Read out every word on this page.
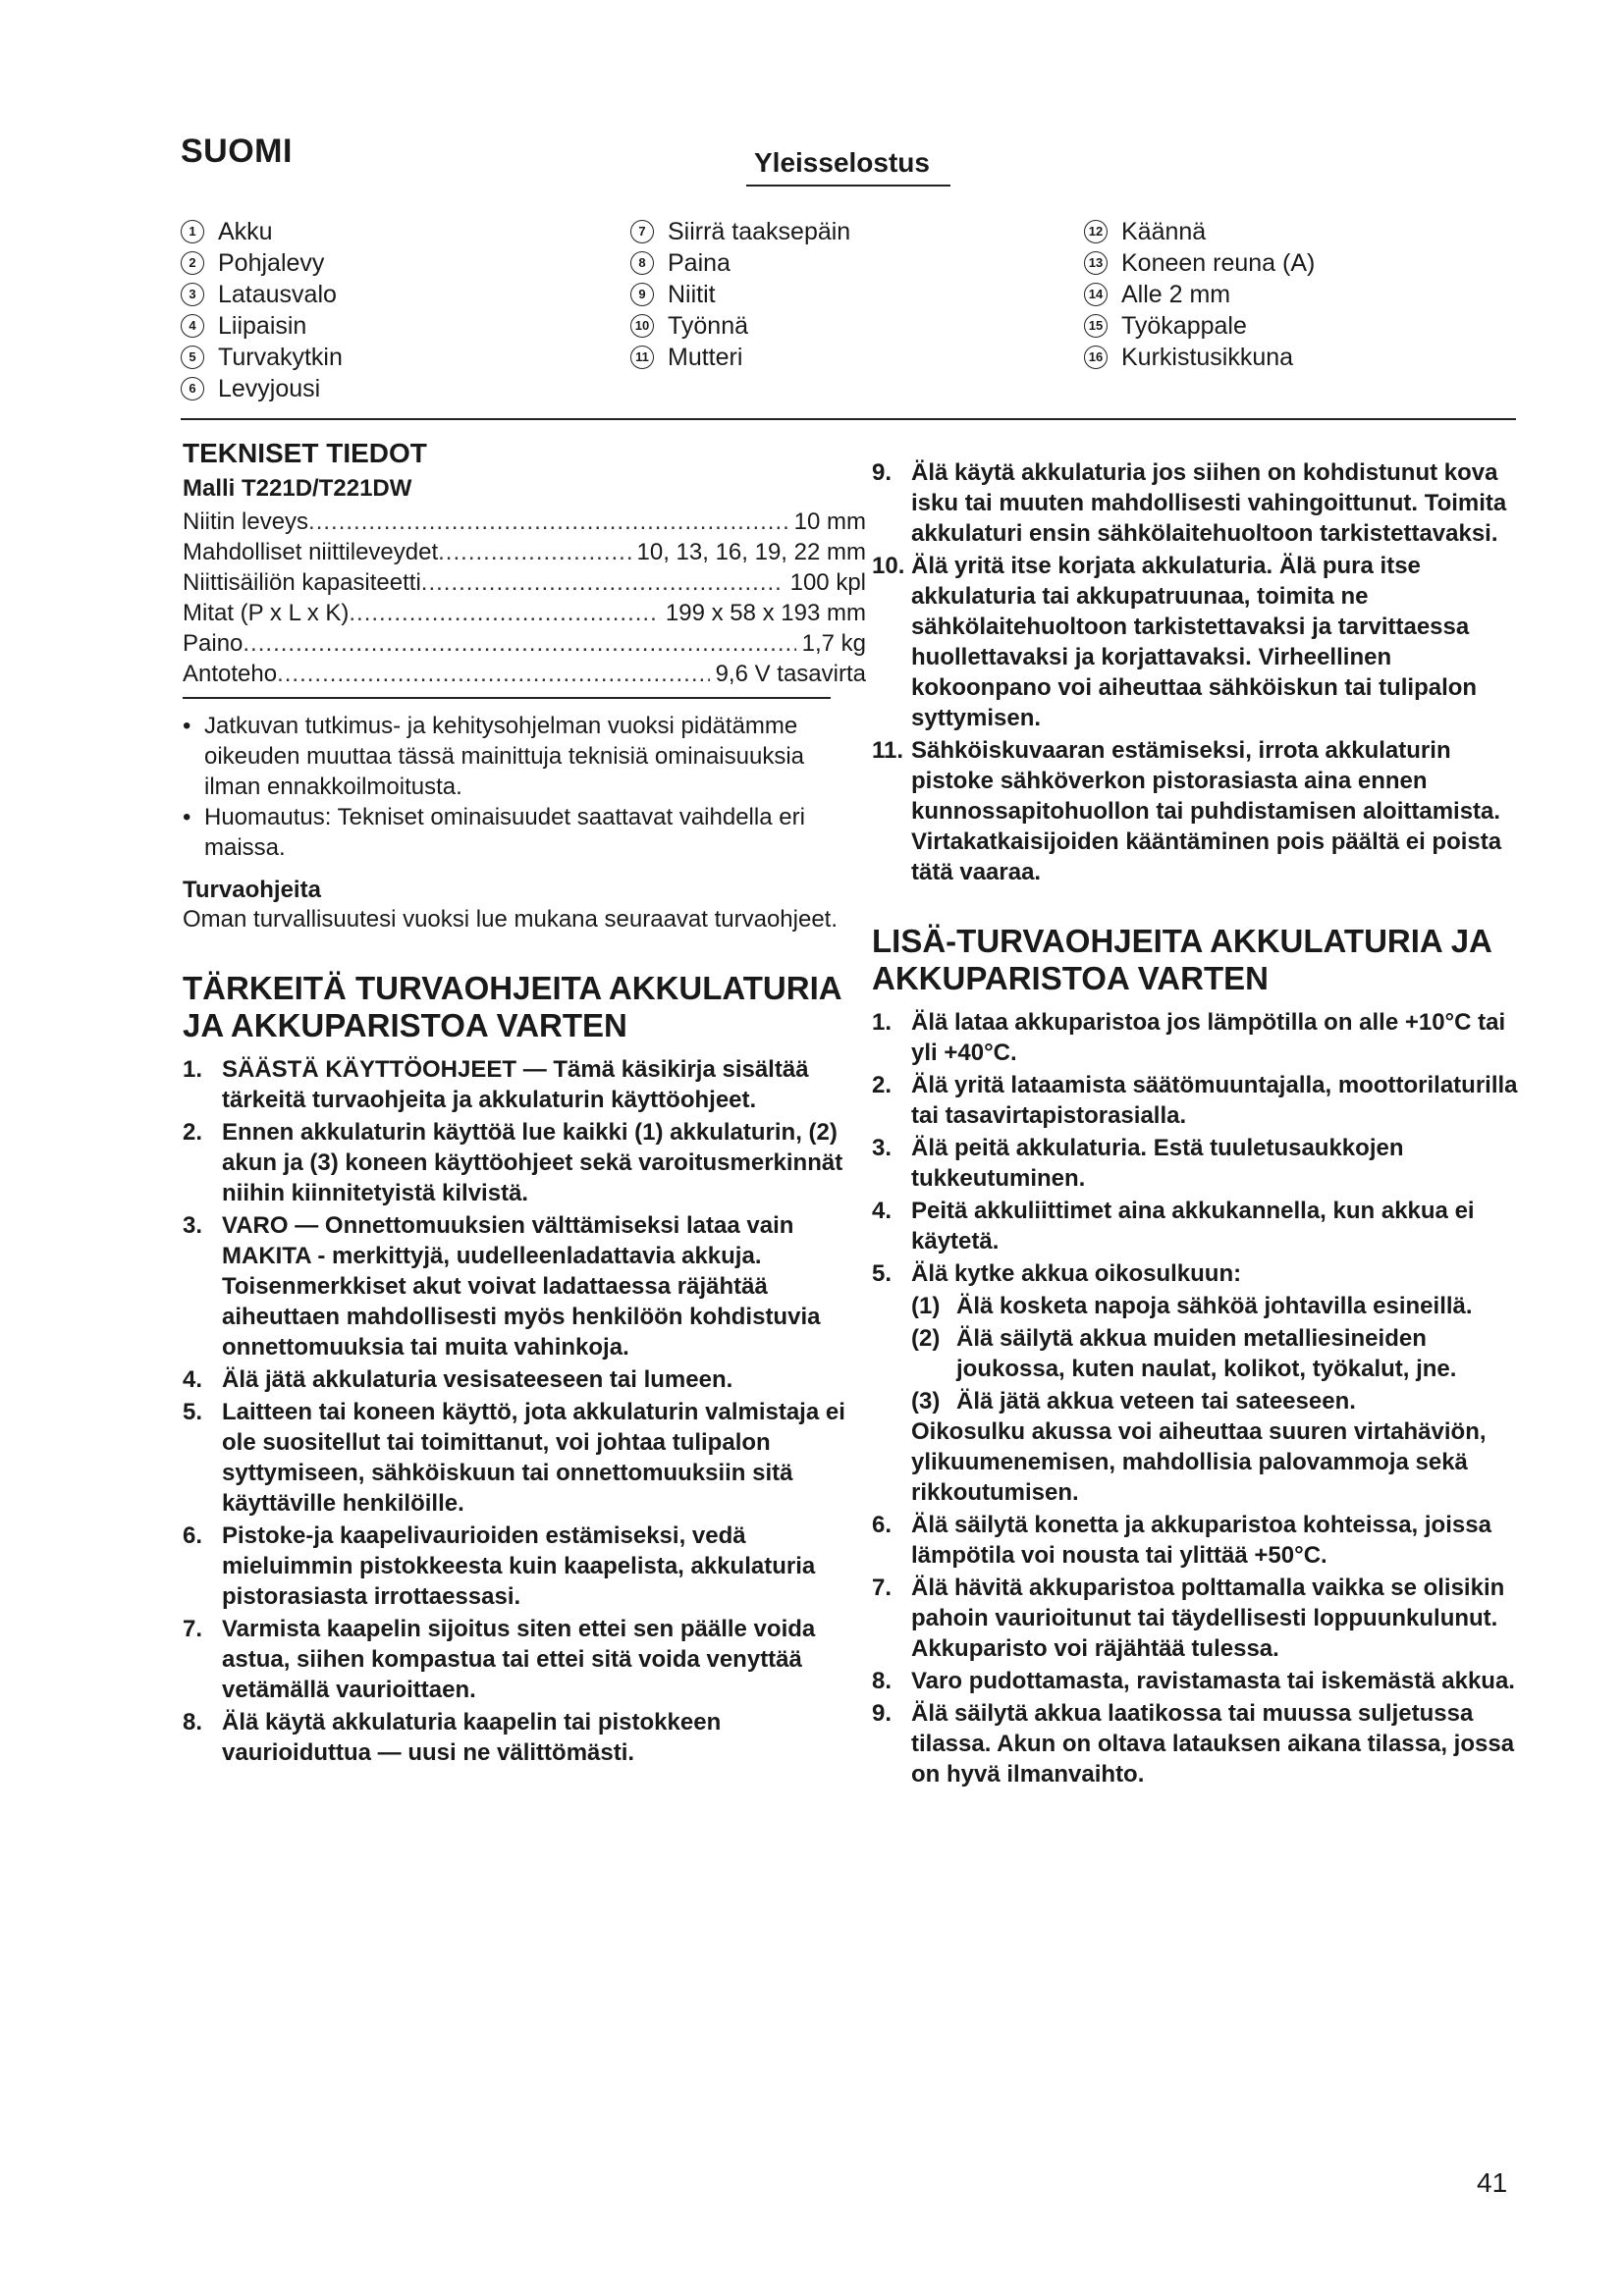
SUOMI	Yleisselostus
1 Akku
2 Pohjalevy
3 Latausvalo
4 Liipaisin
5 Turvakytkin
6 Levyjousi
7 Siirrä taaksepäin
8 Paina
9 Niitit
10 Työnnä
11 Mutteri
12 Käännä
13 Koneen reuna (A)
14 Alle 2 mm
15 Työkappale
16 Kurkistusikkuna
TEKNISET TIEDOT
Malli T221D/T221DW
Niitin leveys .....	10 mm
Mahdolliset niittileveydet .....	10, 13, 16, 19, 22 mm
Niittisäiliön kapasiteetti .....	100 kpl
Mitat (P x L x K) .....	199 x 58 x 193 mm
Paino .....	1,7 kg
Antoteho .....	9,6 V tasavirta
• Jatkuvan tutkimus- ja kehitysohjelman vuoksi pidätämme oikeuden muuttaa tässä mainittuja teknisiä ominaisuuksia ilman ennakkoilmoitusta.
• Huomautus: Tekniset ominaisuudet saattavat vaihdella eri maissa.
Turvaohjeita
Oman turvallisuutesi vuoksi lue mukana seuraavat turvaohjeet.
TÄRKEITÄ TURVAOHJEITA AKKULATURIA JA AKKUPARISTOA VARTEN
1. SÄÄSTÄ KÄYTTÖOHJEET — Tämä käsikirja sisältää tärkeitä turvaohjeita ja akkulaturin käyttöohjeet.
2. Ennen akkulaturin käyttöä lue kaikki (1) akkulaturin, (2) akun ja (3) koneen käyttöohjeet sekä varoitusmerkinnät niihin kiinnitetyistä kilvistä.
3. VARO — Onnettomuuksien välttämiseksi lataa vain MAKITA - merkittyjä, uudelleenladattavia akkuja. Toisenmerkkiset akut voivat ladattaessa räjähtää aiheuttaen mahdollisesti myös henkilöön kohdistuvia onnettomuuksia tai muita vahinkoja.
4. Älä jätä akkulaturia vesisateeseen tai lumeen.
5. Laitteen tai koneen käyttö, jota akkulaturin valmistaja ei ole suositellut tai toimittanut, voi johtaa tulipalon syttymiseen, sähköiskuun tai onnettomuuksiin sitä käyttäville henkilöille.
6. Pistoke-ja kaapelivaurioiden estämiseksi, vedä mieluimmin pistokkeesta kuin kaapelista, akkulaturia pistorasiasta irrottaessasi.
7. Varmista kaapelin sijoitus siten ettei sen päälle voida astua, siihen kompastua tai ettei sitä voida venyttää vetämällä vaurioittaen.
8. Älä käytä akkulaturia kaapelin tai pistokkeen vaurioiduttua — uusi ne välittömästi.
9. Älä käytä akkulaturia jos siihen on kohdistunut kova isku tai muuten mahdollisesti vahingoittunut. Toimita akkulaturi ensin sähkölaitehuoltoon tarkistettavaksi.
10. Älä yritä itse korjata akkulaturia. Älä pura itse akkulaturia tai akkupatruunaa, toimita ne sähkölaitehuoltoon tarkistettavaksi ja tarvittaessa huollettavaksi ja korjattavaksi. Virheellinen kokoonpano voi aiheuttaa sähköiskun tai tulipalon syttymisen.
11. Sähköiskuvaaran estämiseksi, irrota akkulaturin pistoke sähköverkon pistorasiasta aina ennen kunnossapitohuollon tai puhdistamisen aloittamista. Virtakatkaisijoiden kääntäminen pois päältä ei poista tätä vaaraa.
LISÄ-TURVAOHJEITA AKKULATURIA JA AKKUPARISTOA VARTEN
1. Älä lataa akkuparistoa jos lämpötilla on alle +10°C tai yli +40°C.
2. Älä yritä lataamista säätömuuntajalla, moottorilaturilla tai tasavirtapistorasialla.
3. Älä peitä akkulaturia. Estä tuuletusaukkojen tukkeutuminen.
4. Peitä akkuliittimet aina akkukannella, kun akkua ei käytetä.
5. Älä kytke akkua oikosulkuun:
(1) Älä kosketa napoja sähköä johtavilla esineillä.
(2) Älä säilytä akkua muiden metalliesineiden joukossa, kuten naulat, kolikot, työkalut, jne.
(3) Älä jätä akkua veteen tai sateeseen.
Oikosulku akussa voi aiheuttaa suuren virtahäviön, ylikuumenemisen, mahdollisia palovammoja sekä rikkoutumisen.
6. Älä säilytä konetta ja akkuparistoa kohteissa, joissa lämpötila voi nousta tai ylittää +50°C.
7. Älä hävitä akkuparistoa polttamalla vaikka se olisikin pahoin vaurioitunut tai täydellisesti loppuunkulunut. Akkuparisto voi räjähtää tulessa.
8. Varo pudottamasta, ravistamasta tai iskemästä akkua.
9. Älä säilytä akkua laatikossa tai muussa suljetussa tilassa. Akun on oltava latauksen aikana tilassa, jossa on hyvä ilmanvaihto.
41
